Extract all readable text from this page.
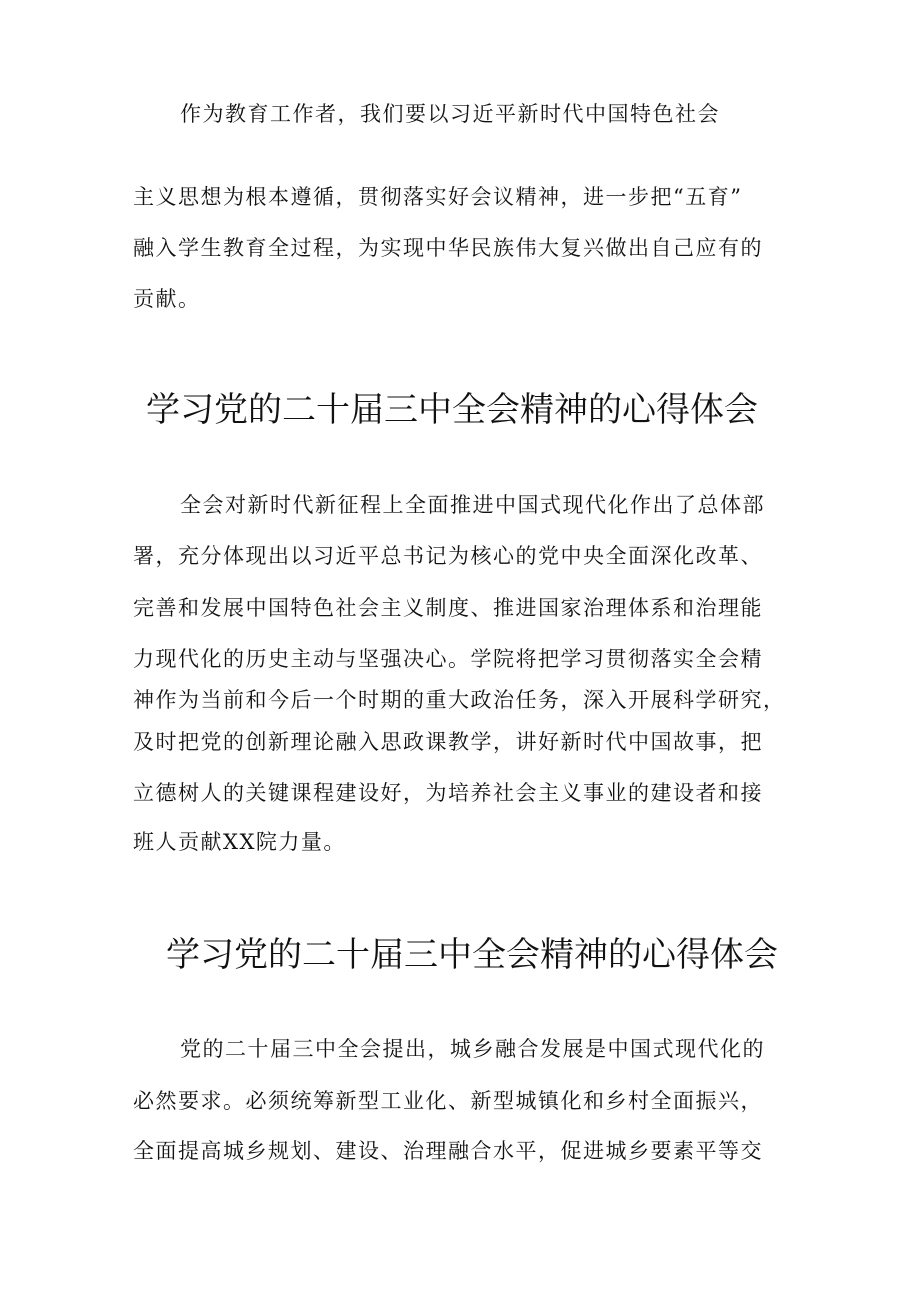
作为教育工作者，我们要以习近平新时代中国特色社会
主义思想为根本遵循，贯彻落实好会议精神，进一步把“五育”
融入学生教育全过程，为实现中华民族伟大复兴做出自己应有的
贡献。
学习党的二十届三中全会精神的心得体会
全会对新时代新征程上全面推进中国式现代化作出了总体部
署，充分体现出以习近平总书记为核心的党中央全面深化改革、
完善和发展中国特色社会主义制度、推进国家治理体系和治理能
力现代化的历史主动与坚强决心。学院将把学习贯彻落实全会精
神作为当前和今后一个时期的重大政治任务，深入开展科学研究，
及时把党的创新理论融入思政课教学，讲好新时代中国故事，把
立德树人的关键课程建设好，为培养社会主义事业的建设者和接
班人贡献XX院力量。
学习党的二十届三中全会精神的心得体会
党的二十届三中全会提出，城乡融合发展是中国式现代化的
必然要求。必须统筹新型工业化、新型城镇化和乡村全面振兴，
全面提高城乡规划、建设、治理融合水平，促进城乡要素平等交
